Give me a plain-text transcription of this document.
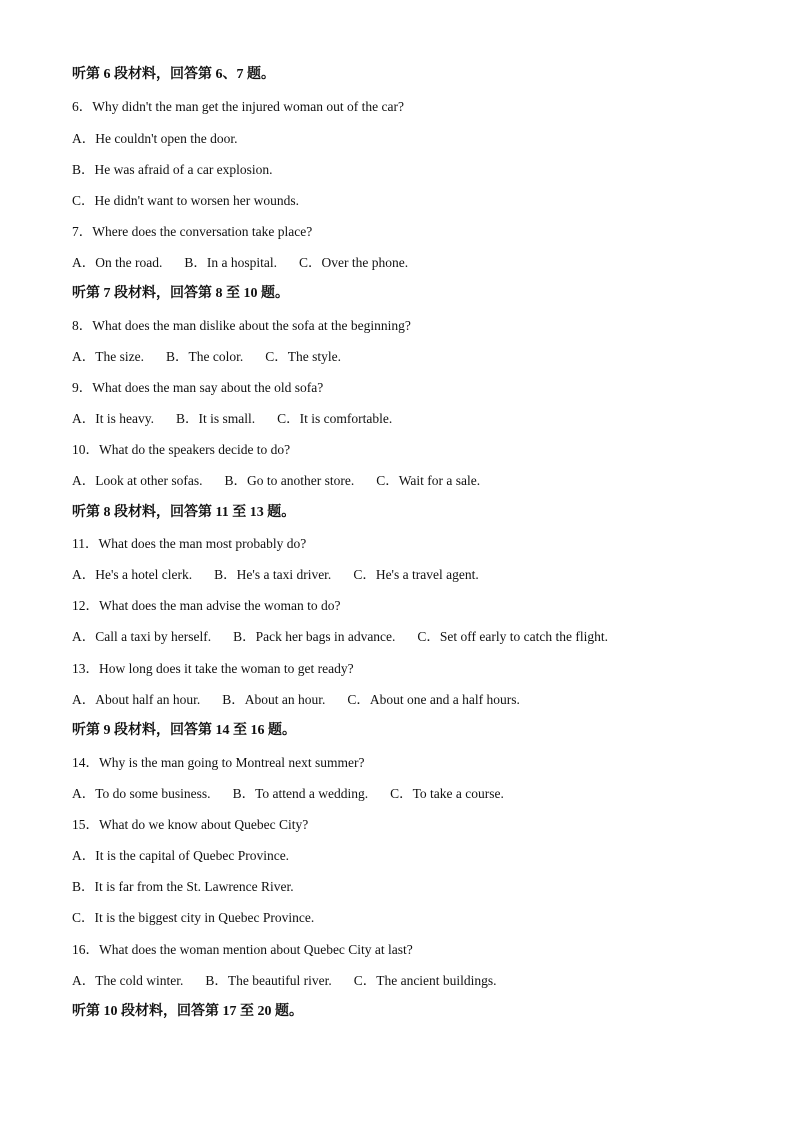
听第 6 段材料，回答第 6、7 题。
6．Why didn't the man get the injured woman out of the car?
A．He couldn't open the door.
B．He was afraid of a car explosion.
C．He didn't want to worsen her wounds.
7．Where does the conversation take place?
A．On the road. B．In a hospital. C．Over the phone.
听第 7 段材料，回答第 8 至 10 题。
8．What does the man dislike about the sofa at the beginning?
A．The size. B．The color. C．The style.
9．What does the man say about the old sofa?
A．It is heavy. B．It is small. C．It is comfortable.
10．What do the speakers decide to do?
A．Look at other sofas. B．Go to another store. C．Wait for a sale.
听第 8 段材料，回答第 11 至 13 题。
11．What does the man most probably do?
A．He's a hotel clerk. B．He's a taxi driver. C．He's a travel agent.
12．What does the man advise the woman to do?
A．Call a taxi by herself. B．Pack her bags in advance. C．Set off early to catch the flight.
13．How long does it take the woman to get ready?
A．About half an hour. B．About an hour. C．About one and a half hours.
听第 9 段材料，回答第 14 至 16 题。
14．Why is the man going to Montreal next summer?
A．To do some business. B．To attend a wedding. C．To take a course.
15．What do we know about Quebec City?
A．It is the capital of Quebec Province.
B．It is far from the St. Lawrence River.
C．It is the biggest city in Quebec Province.
16．What does the woman mention about Quebec City at last?
A．The cold winter. B．The beautiful river. C．The ancient buildings.
听第 10 段材料，回答第 17 至 20 题。
